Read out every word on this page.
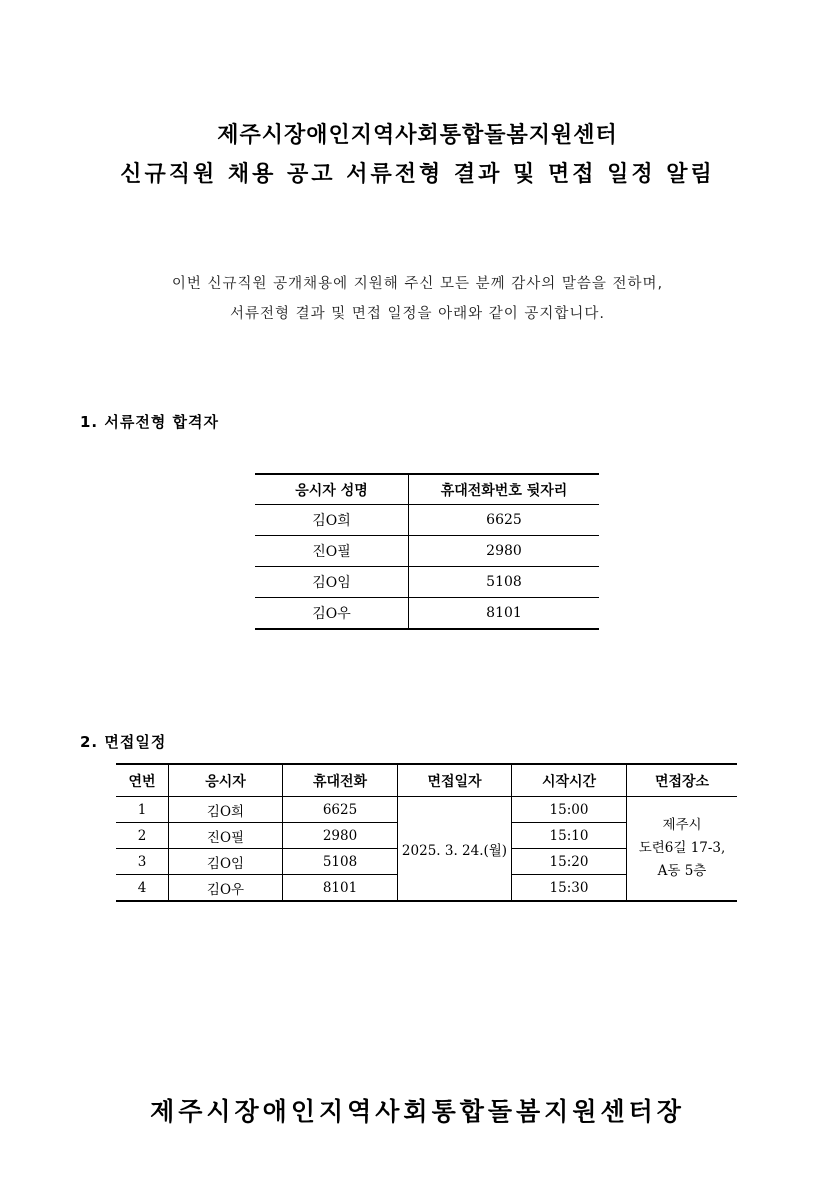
제주시장애인지역사회통합돌봄지원센터
신규직원 채용 공고 서류전형 결과 및 면접 일정 알림
이번 신규직원 공개채용에 지원해 주신 모든 분께 감사의 말씀을 전하며,
서류전형 결과 및 면접 일정을 아래와 같이 공지합니다.
1. 서류전형 합격자
응시자 성명	휴대전화번호 뒷자리
김O희	6625
진O필	2980
김O임	5108
김O우	8101
2. 면접일정
연번	응시자	휴대전화	면접일자	시작시간	면접장소
1	김O희	6625	2025. 3. 24.(월)	15:00	제주시
도련6길 17-3,
A동 5층

2	진O필	2980		15:10	
3	김O임	5108		15:20	
4	김O우	8101		15:30	
제주시장애인지역사회통합돌봄지원센터장
